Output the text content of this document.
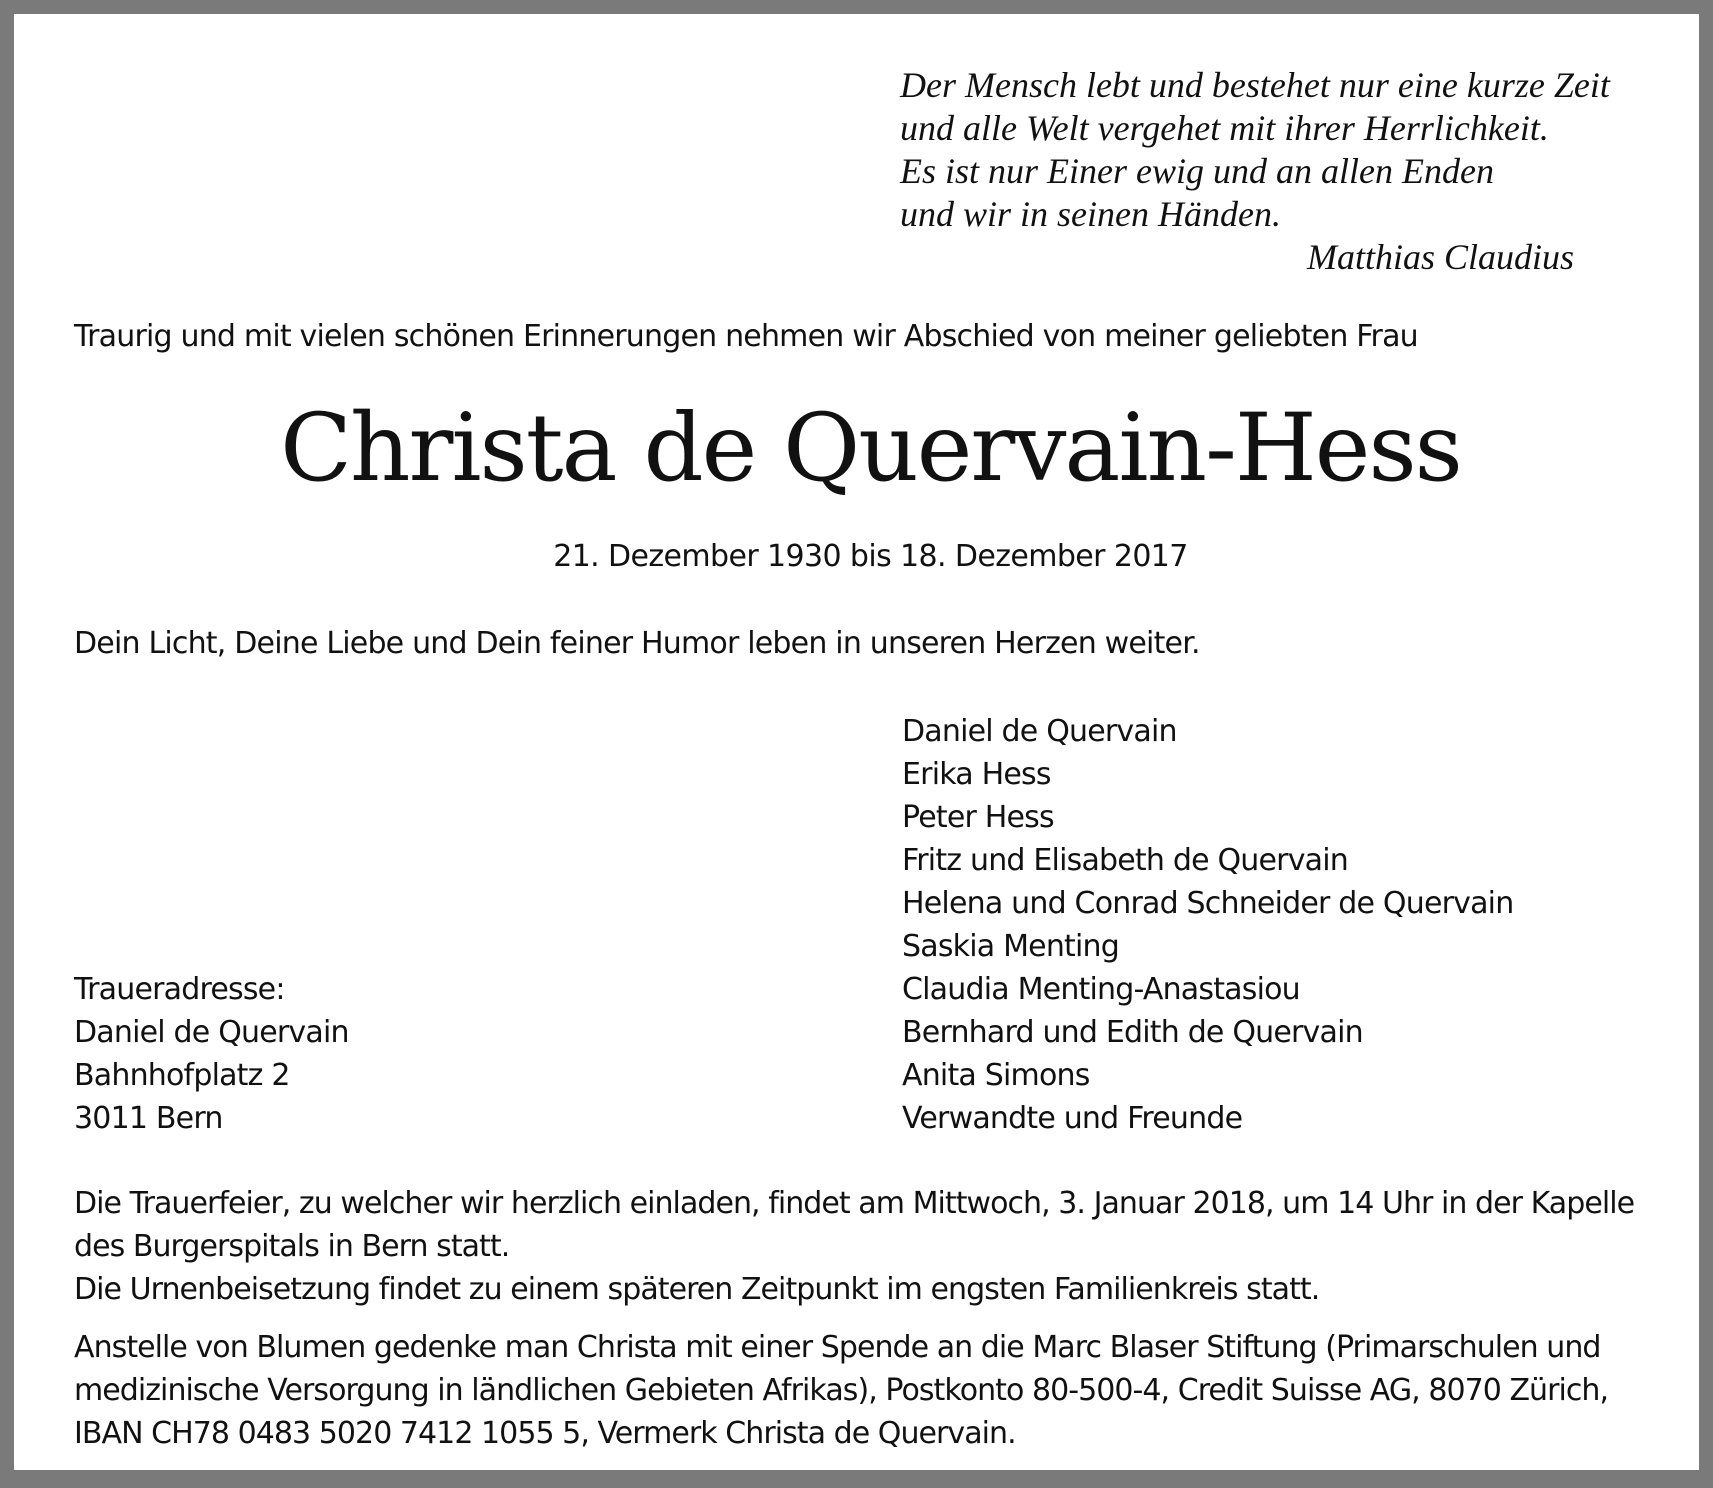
Der Mensch lebt und bestehet nur eine kurze Zeit

und alle Welt vergehet mit ihrer Herrlichkeit.

Es ist nur Einer ewig und an allen Enden

und wir in seinen Händen.

Matthias Claudius
Traurig und mit vielen schönen Erinnerungen nehmen wir Abschied von meiner geliebten Frau
Christa de Quervain-Hess
21. Dezember 1930 bis 18. Dezember 2017
Dein Licht, Deine Liebe und Dein feiner Humor leben in unseren Herzen weiter.
Daniel de Quervain
Erika Hess
Peter Hess
Fritz und Elisabeth de Quervain
Helena und Conrad Schneider de Quervain
Saskia Menting
Claudia Menting-Anastasiou
Bernhard und Edith de Quervain
Anita Simons
Verwandte und Freunde
Traueradresse:
Daniel de Quervain
Bahnhofplatz 2
3011 Bern
Die Trauerfeier, zu welcher wir herzlich einladen, findet am Mittwoch, 3. Januar 2018, um 14 Uhr in der Kapelle
des Burgerspitals in Bern statt.
Die Urnenbeisetzung findet zu einem späteren Zeitpunkt im engsten Familienkreis statt.
Anstelle von Blumen gedenke man Christa mit einer Spende an die Marc Blaser Stiftung (Primarschulen und
medizinische Versorgung in ländlichen Gebieten Afrikas), Postkonto 80-500-4, Credit Suisse AG, 8070 Zürich,
IBAN CH78 0483 5020 7412 1055 5, Vermerk Christa de Quervain.
